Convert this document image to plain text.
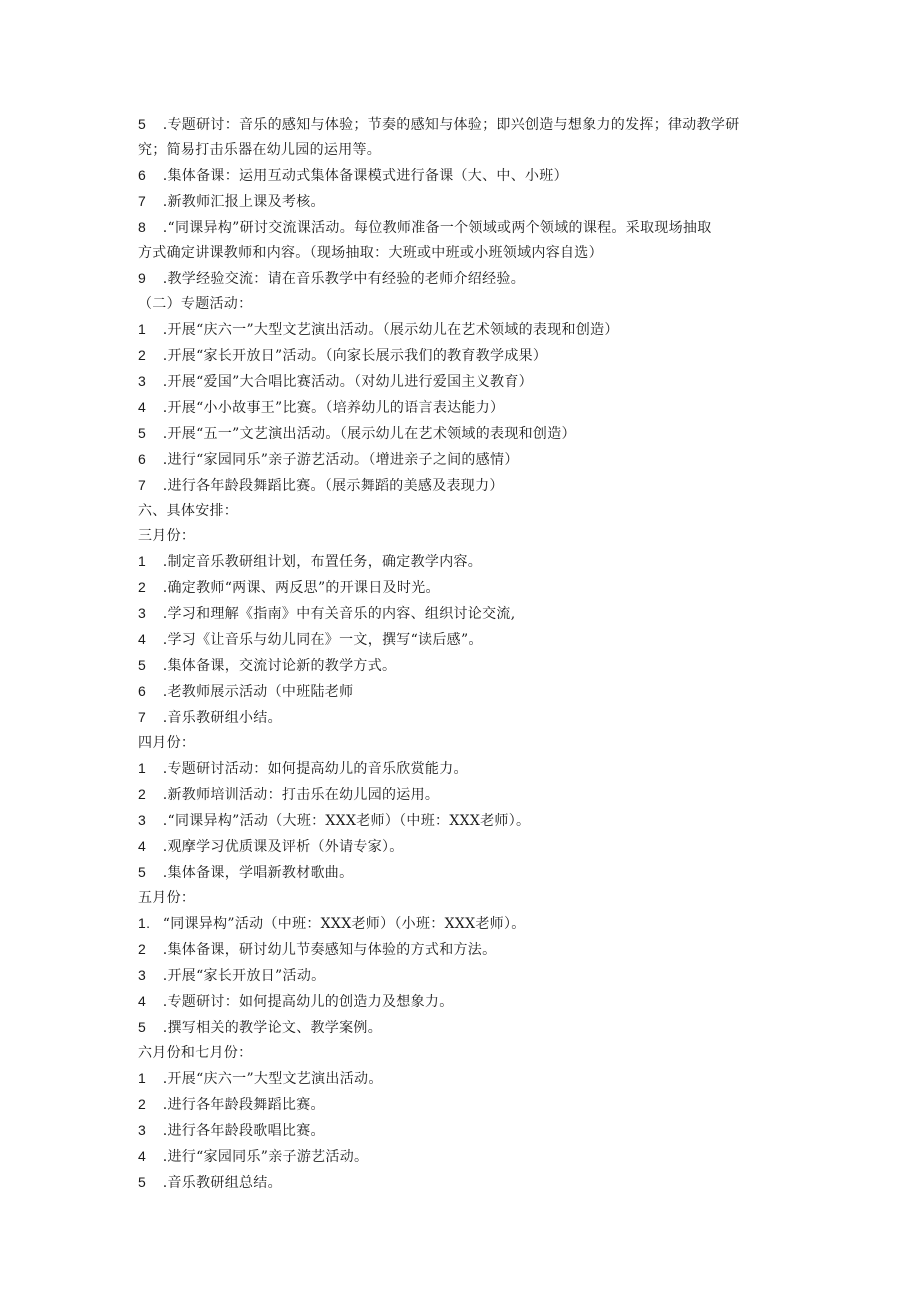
5 .专题研讨：音乐的感知与体验；节奏的感知与体验；即兴创造与想象力的发挥；律动教学研

究；简易打击乐器在幼儿园的运用等。

6 .集体备课：运用互动式集体备课模式进行备课（大、中、小班）

7 .新教师汇报上课及考核。

8 .“同课异构”研讨交流课活动。每位教师准备一个领域或两个领域的课程。采取现场抽取

方式确定讲课教师和内容。（现场抽取：大班或中班或小班领域内容自选）

9 .教学经验交流：请在音乐教学中有经验的老师介绍经验。

（二）专题活动：

1 .开展“庆六一”大型文艺演出活动。（展示幼儿在艺术领域的表现和创造）

2 .开展“家长开放日”活动。（向家长展示我们的教育教学成果）

3 .开展“爱国”大合唱比赛活动。（对幼儿进行爱国主义教育）

4 .开展“小小故事王”比赛。（培养幼儿的语言表达能力）

5 .开展“五一”文艺演出活动。（展示幼儿在艺术领域的表现和创造）

6 .进行“家园同乐”亲子游艺活动。（增进亲子之间的感情）

7 .进行各年龄段舞蹈比赛。（展示舞蹈的美感及表现力）

六、具体安排：

三月份：

1 .制定音乐教研组计划，布置任务，确定教学内容。

2 .确定教师“两课、两反思”的开课日及时光。

3 .学习和理解《指南》中有关音乐的内容、组织讨论交流,

4 .学习《让音乐与幼儿同在》一文，撰写“读后感”。

5 .集体备课，交流讨论新的教学方式。

6 .老教师展示活动（中班陆老师

7 .音乐教研组小结。

四月份：

1 .专题研讨活动：如何提高幼儿的音乐欣赏能力。

2 .新教师培训活动：打击乐在幼儿园的运用。

3 .“同课异构”活动（大班：XXX老师）（中班：XXX老师）。

4 .观摩学习优质课及评析（外请专家）。

5 .集体备课，学唱新教材歌曲。

五月份：

1. “同课异构”活动（中班：XXX老师）（小班：XXX老师）。

2 .集体备课，研讨幼儿节奏感知与体验的方式和方法。

3 .开展“家长开放日”活动。

4 .专题研讨：如何提高幼儿的创造力及想象力。

5 .撰写相关的教学论文、教学案例。

六月份和七月份：

1 .开展“庆六一”大型文艺演出活动。

2 .进行各年龄段舞蹈比赛。

3 .进行各年龄段歌唱比赛。

4 .进行“家园同乐”亲子游艺活动。

5 .音乐教研组总结。
